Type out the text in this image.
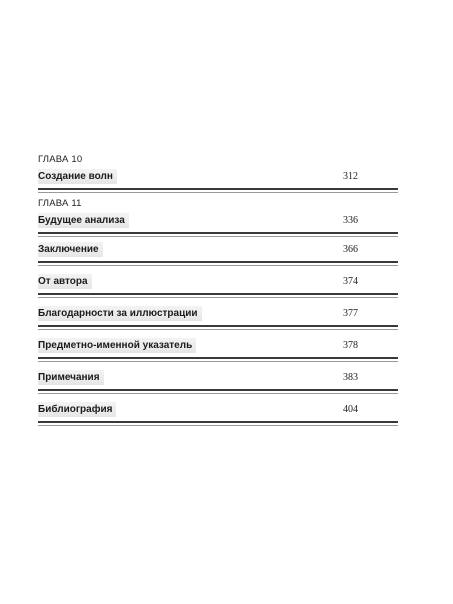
ГЛАВА 10
Создание волн	312
ГЛАВА 11
Будущее анализа	336
Заключение	366
От автора	374
Благодарности за иллюстрации	377
Предметно-именной указатель	378
Примечания	383
Библиография	404
